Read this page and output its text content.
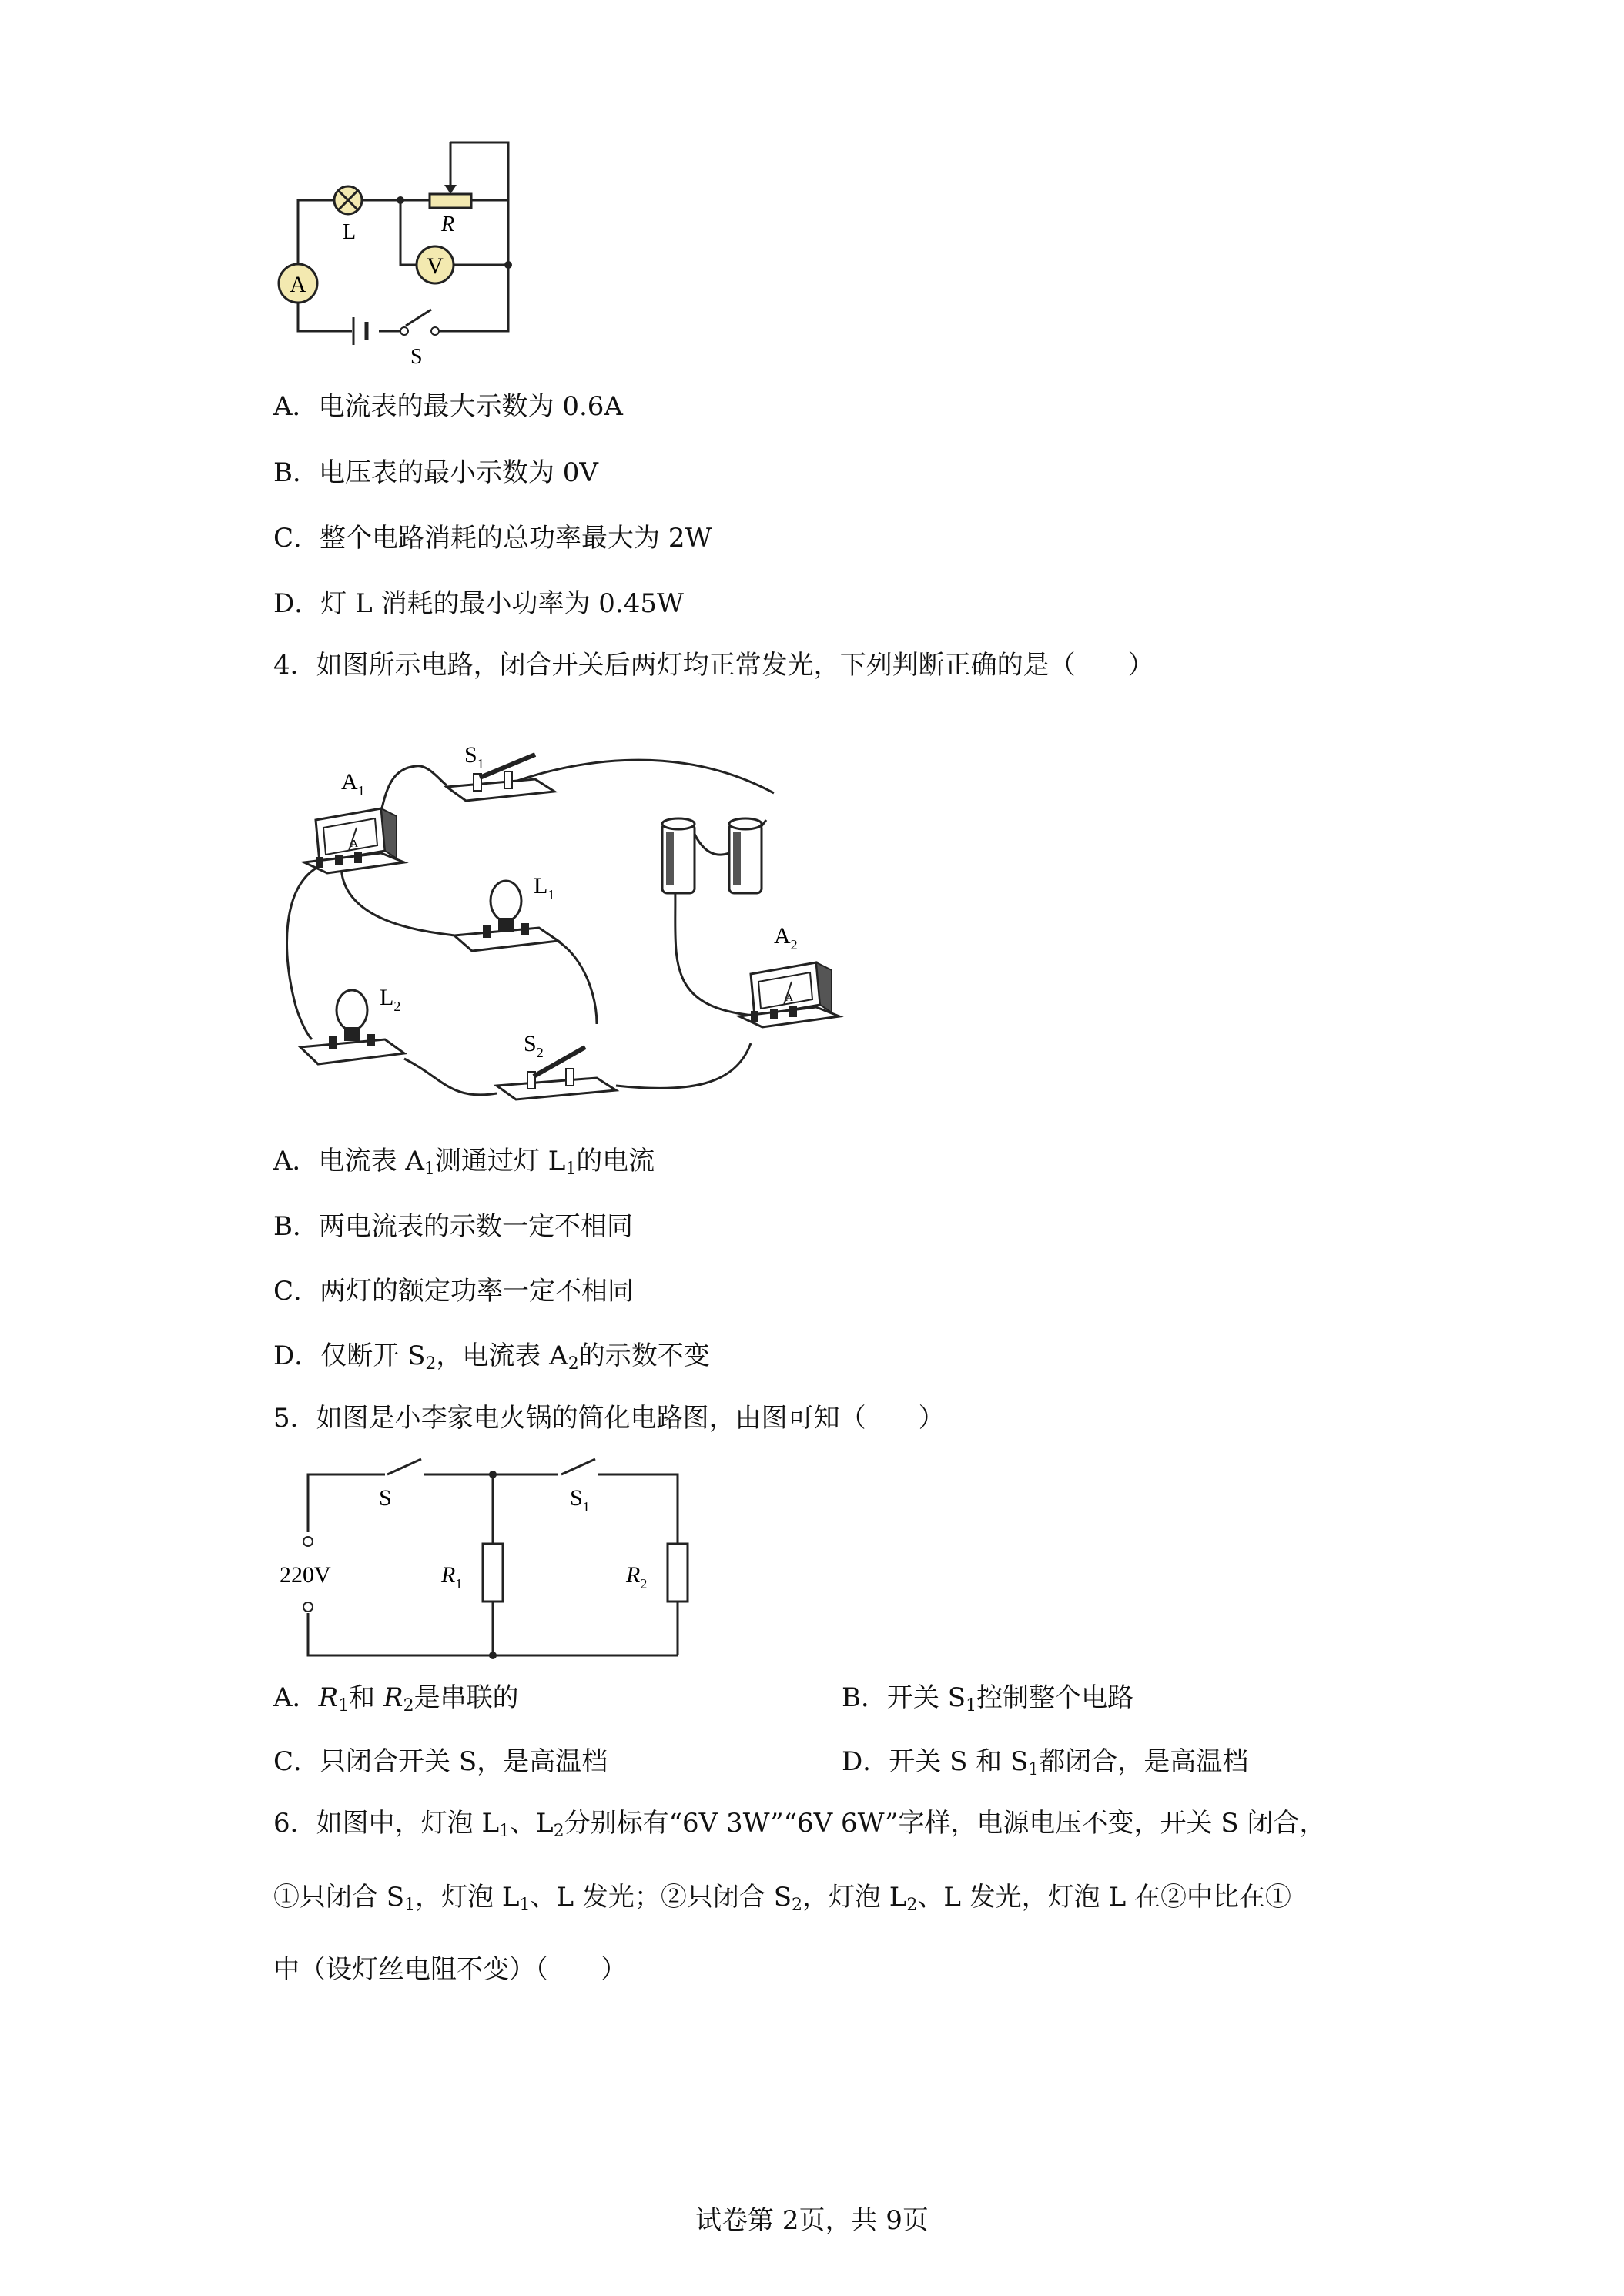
A
V
L	R
S
A．电流表的最大示数为 0.6A
B．电压表的最小示数为 0V
C．整个电路消耗的总功率最大为 2W
D．灯 L 消耗的最小功率为 0.45W
4．如图所示电路，闭合开关后两灯均正常发光，下列判断正确的是（　　）
A
$A_1$
$S_1$
$L_1$
$L_2$
$S_2$
A
$A_2$
A．电流表 $A_1$测通过灯 $L_1$的电流
B．两电流表的示数一定不相同
C．两灯的额定功率一定不相同
D．仅断开 $S_2$，电流表 $A_2$的示数不变
5．如图是小李家电火锅的简化电路图，由图可知（　　）
220V
S	$S_1$
$R_1$	$R_2$
A．$R_1$和 $R_2$是串联的	B．开关 $S_1$控制整个电路
C．只闭合开关 S，是高温档	D．开关 S 和 $S_1$都闭合，是高温档
6．如图中，灯泡 $L_1$、$L_2$分别标有“6V 3W”“6V 6W”字样，电源电压不变，开关 S 闭合，
①只闭合 $S_1$，灯泡 $L_1$、L 发光；②只闭合 $S_2$，灯泡 $L_2$、L 发光，灯泡 L 在②中比在①
中（设灯丝电阻不变）（　　）
试卷第 2页，共 9页
